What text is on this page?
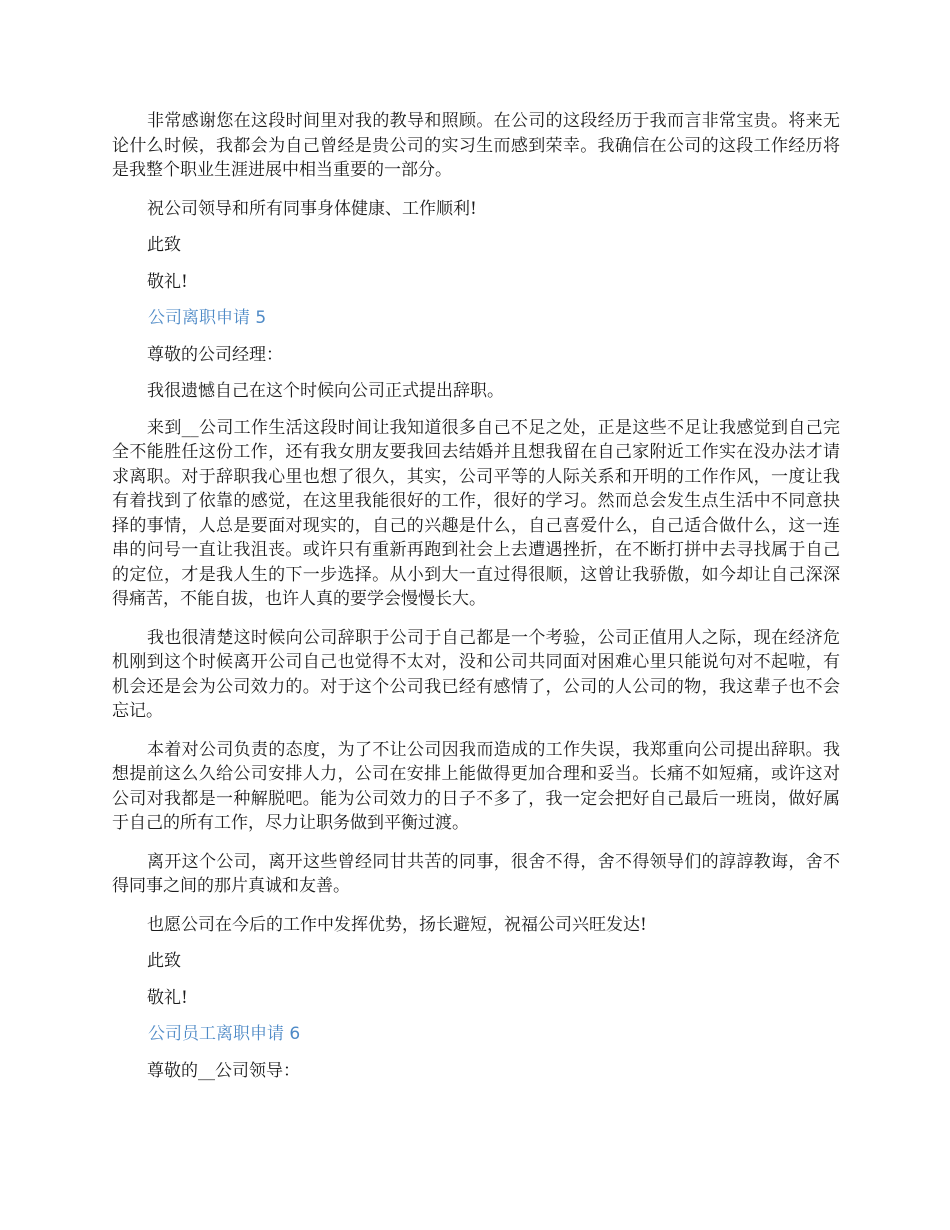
非常感谢您在这段时间里对我的教导和照顾。在公司的这段经历于我而言非常宝贵。将来无论什么时候，我都会为自己曾经是贵公司的实习生而感到荣幸。我确信在公司的这段工作经历将是我整个职业生涯进展中相当重要的一部分。

祝公司领导和所有同事身体健康、工作顺利!

此致

敬礼!

公司离职申请 5

尊敬的公司经理：

我很遗憾自己在这个时候向公司正式提出辞职。

来到__公司工作生活这段时间让我知道很多自己不足之处，正是这些不足让我感觉到自己完全不能胜任这份工作，还有我女朋友要我回去结婚并且想我留在自己家附近工作实在没办法才请求离职。对于辞职我心里也想了很久，其实，公司平等的人际关系和开明的工作作风，一度让我有着找到了依靠的感觉，在这里我能很好的工作，很好的学习。然而总会发生点生活中不同意抉择的事情，人总是要面对现实的，自己的兴趣是什么，自己喜爱什么，自己适合做什么，这一连串的问号一直让我沮丧。或许只有重新再跑到社会上去遭遇挫折，在不断打拼中去寻找属于自己的定位，才是我人生的下一步选择。从小到大一直过得很顺，这曾让我骄傲，如今却让自己深深得痛苦，不能自拔，也许人真的要学会慢慢长大。

我也很清楚这时候向公司辞职于公司于自己都是一个考验，公司正值用人之际，现在经济危机刚到这个时候离开公司自己也觉得不太对，没和公司共同面对困难心里只能说句对不起啦，有机会还是会为公司效力的。对于这个公司我已经有感情了，公司的人公司的物，我这辈子也不会忘记。

本着对公司负责的态度，为了不让公司因我而造成的工作失误，我郑重向公司提出辞职。我想提前这么久给公司安排人力，公司在安排上能做得更加合理和妥当。长痛不如短痛，或许这对公司对我都是一种解脱吧。能为公司效力的日子不多了，我一定会把好自己最后一班岗，做好属于自己的所有工作，尽力让职务做到平衡过渡。

离开这个公司，离开这些曾经同甘共苦的同事，很舍不得，舍不得领导们的諄諄教诲，舍不得同事之间的那片真诚和友善。

也愿公司在今后的工作中发挥优势，扬长避短，祝福公司兴旺发达!

此致

敬礼!

公司员工离职申请 6

尊敬的__公司领导：
